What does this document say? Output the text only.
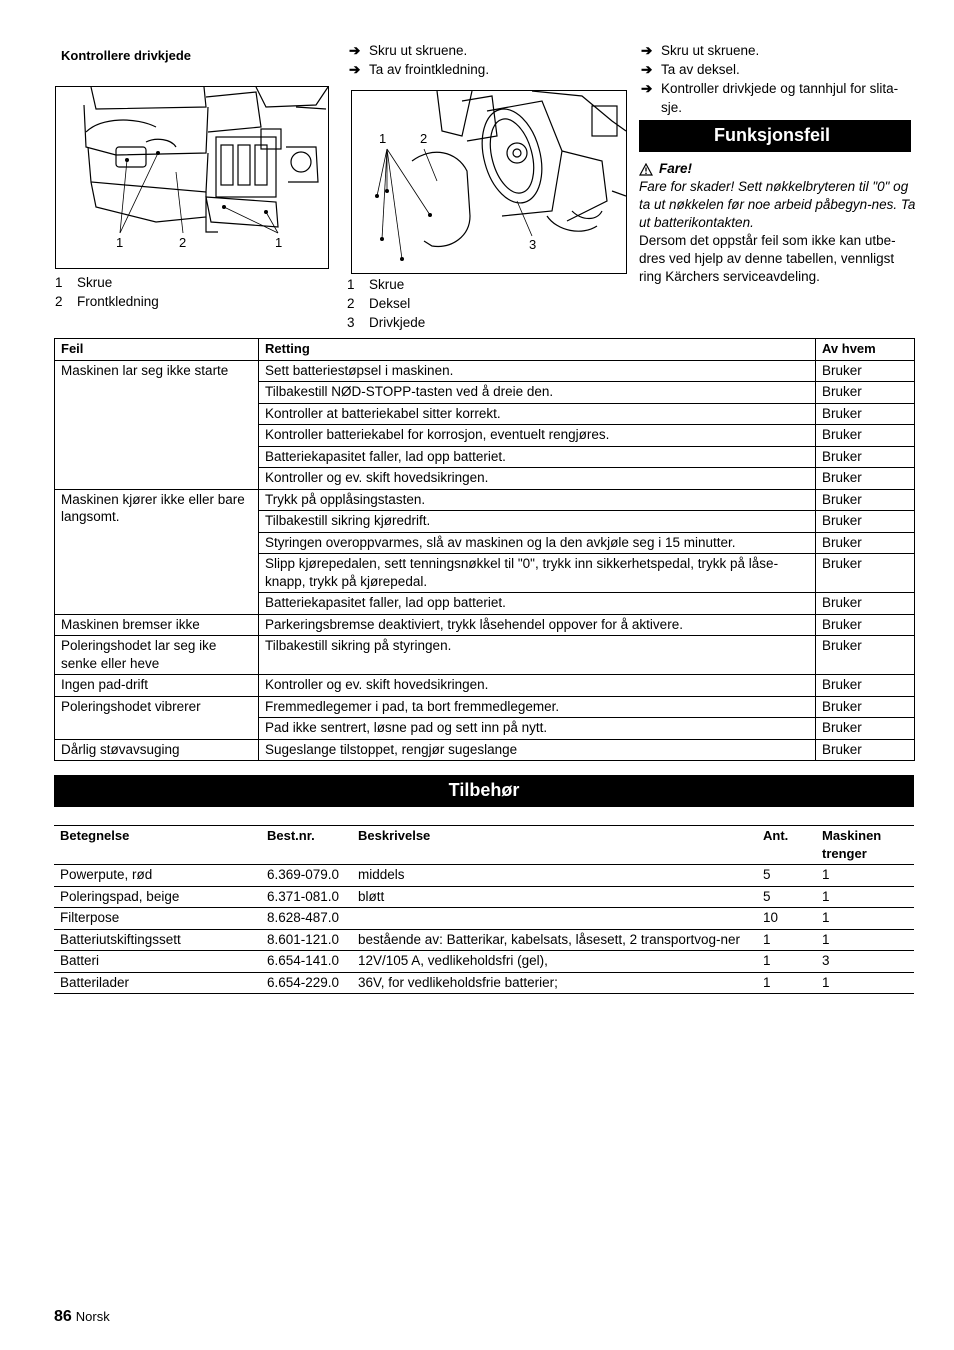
Kontrollere drivkjede
1	2	1
1	Skrue
2	Frontkledning
➔ Skru ut skruene.
➔ Ta av frointkledning.
1	2
3
1	Skrue
2	Deksel
3	Drivkjede
➔ Skru ut skruene.
➔ Ta av deksel.
➔ Kontroller drivkjede og tannhjul for slita-sje.
Funksjonsfeil
Fare!
Fare for skader! Sett nøkkelbryteren til "0" og ta ut nøkkelen før noe arbeid påbegyn-nes. Ta ut batterikontakten.
Dersom det oppstår feil som ikke kan utbe-dres ved hjelp av denne tabellen, vennligst ring Kärchers serviceavdeling.
Feil	Retting	Av hvem
Maskinen lar seg ikke starte	Sett batteriestøpsel i maskinen.	Bruker
	Tilbakestill NØD-STOPP-tasten ved å dreie den.	Bruker
	Kontroller at batteriekabel sitter korrekt.	Bruker
	Kontroller batteriekabel for korrosjon, eventuelt rengjøres.	Bruker
	Batteriekapasitet faller, lad opp batteriet.	Bruker
	Kontroller og ev. skift hovedsikringen.	Bruker
Maskinen kjører ikke eller bare langsomt.	Trykk på opplåsingstasten.	Bruker
	Tilbakestill sikring kjøredrift.	Bruker
	Styringen overoppvarmes, slå av maskinen og la den avkjøle seg i 15 minutter.	Bruker
	Slipp kjørepedalen, sett tenningsnøkkel til "0", trykk inn sikkerhetspedal, trykk på låse-knapp, trykk på kjørepedal.	Bruker
	Batteriekapasitet faller, lad opp batteriet.	Bruker
Maskinen bremser ikke	Parkeringsbremse deaktiviert, trykk låsehendel oppover for å aktivere.	Bruker
Poleringshodet lar seg ike senke eller heve	Tilbakestill sikring på styringen.	Bruker
Ingen pad-drift	Kontroller og ev. skift hovedsikringen.	Bruker
Poleringshodet vibrerer	Fremmedlegemer i pad, ta bort fremmedlegemer.	Bruker
	Pad ikke sentrert, løsne pad og sett inn på nytt.	Bruker
Dårlig støvavsuging	Sugeslange tilstoppet, rengjør sugeslange	Bruker
Tilbehør
Betegnelse	Best.nr.	Beskrivelse	Ant.	Maskinen trenger
Powerpute, rød	6.369-079.0	middels	5	1
Poleringspad, beige	6.371-081.0	bløtt	5	1
Filterpose	8.628-487.0		10	1
Batteriutskiftingssett	8.601-121.0	bestående av: Batterikar, kabelsats, låsesett, 2 transportvog-ner	1	1
Batteri	6.654-141.0	12V/105 A, vedlikeholdsfri (gel),	1	3
Batterilader	6.654-229.0	36V, for vedlikeholdsfrie batterier;	1	1
86 Norsk
